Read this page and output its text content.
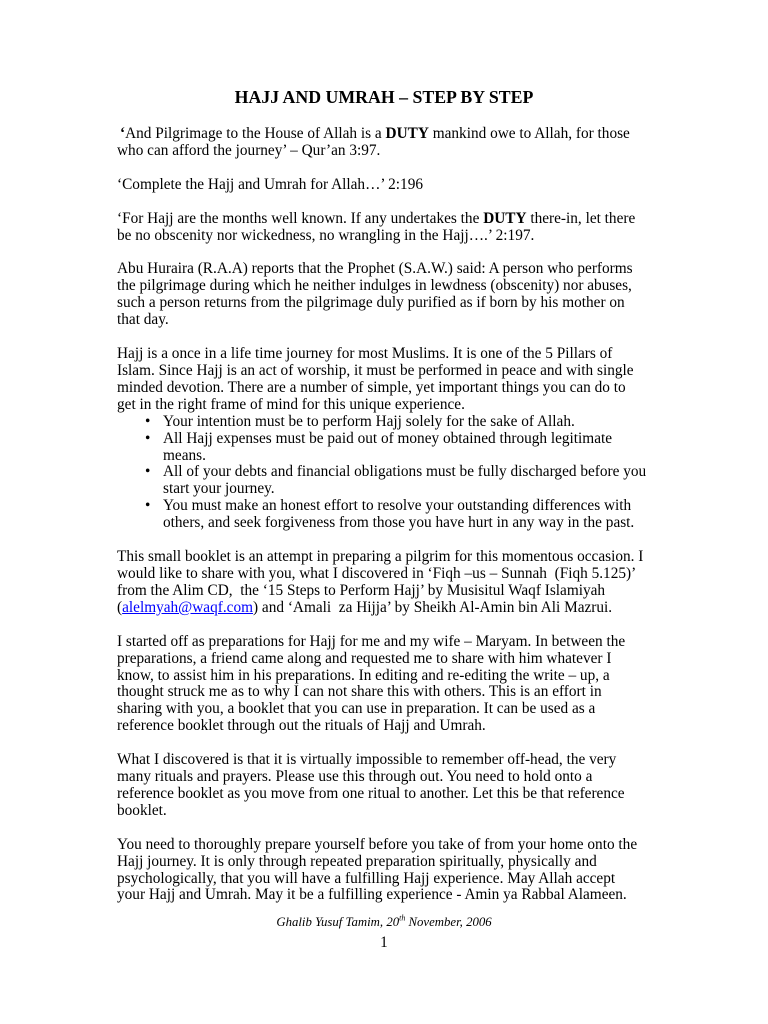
HAJJ AND UMRAH – STEP BY STEP
‘And Pilgrimage to the House of Allah is a DUTY mankind owe to Allah, for those
who can afford the journey’ – Qur’an 3:97.
‘Complete the Hajj and Umrah for Allah…’ 2:196
‘For Hajj are the months well known. If any undertakes the DUTY there-in, let there
be no obscenity nor wickedness, no wrangling in the Hajj….’ 2:197.
Abu Huraira (R.A.A) reports that the Prophet (S.A.W.) said: A person who performs
the pilgrimage during which he neither indulges in lewdness (obscenity) nor abuses,
such a person returns from the pilgrimage duly purified as if born by his mother on
that day.
Hajj is a once in a life time journey for most Muslims. It is one of the 5 Pillars of
Islam. Since Hajj is an act of worship, it must be performed in peace and with single
minded devotion. There are a number of simple, yet important things you can do to
get in the right frame of mind for this unique experience.
• Your intention must be to perform Hajj solely for the sake of Allah.
• All Hajj expenses must be paid out of money obtained through legitimate
means.
• All of your debts and financial obligations must be fully discharged before you
start your journey.
• You must make an honest effort to resolve your outstanding differences with
others, and seek forgiveness from those you have hurt in any way in the past.
This small booklet is an attempt in preparing a pilgrim for this momentous occasion. I
would like to share with you, what I discovered in ‘Fiqh –us – Sunnah  (Fiqh 5.125)’
from the Alim CD,  the ‘15 Steps to Perform Hajj’ by Musisitul Waqf Islamiyah
(alelmyah@waqf.com) and ‘Amali  za Hijja’ by Sheikh Al-Amin bin Ali Mazrui.
I started off as preparations for Hajj for me and my wife – Maryam. In between the
preparations, a friend came along and requested me to share with him whatever I
know, to assist him in his preparations. In editing and re-editing the write – up, a
thought struck me as to why I can not share this with others. This is an effort in
sharing with you, a booklet that you can use in preparation. It can be used as a
reference booklet through out the rituals of Hajj and Umrah.
What I discovered is that it is virtually impossible to remember off-head, the very
many rituals and prayers. Please use this through out. You need to hold onto a
reference booklet as you move from one ritual to another. Let this be that reference
booklet.
You need to thoroughly prepare yourself before you take of from your home onto the
Hajj journey. It is only through repeated preparation spiritually, physically and
psychologically, that you will have a fulfilling Hajj experience. May Allah accept
your Hajj and Umrah. May it be a fulfilling experience - Amin ya Rabbal Alameen.
Ghalib Yusuf Tamim, 20th November, 2006
1
